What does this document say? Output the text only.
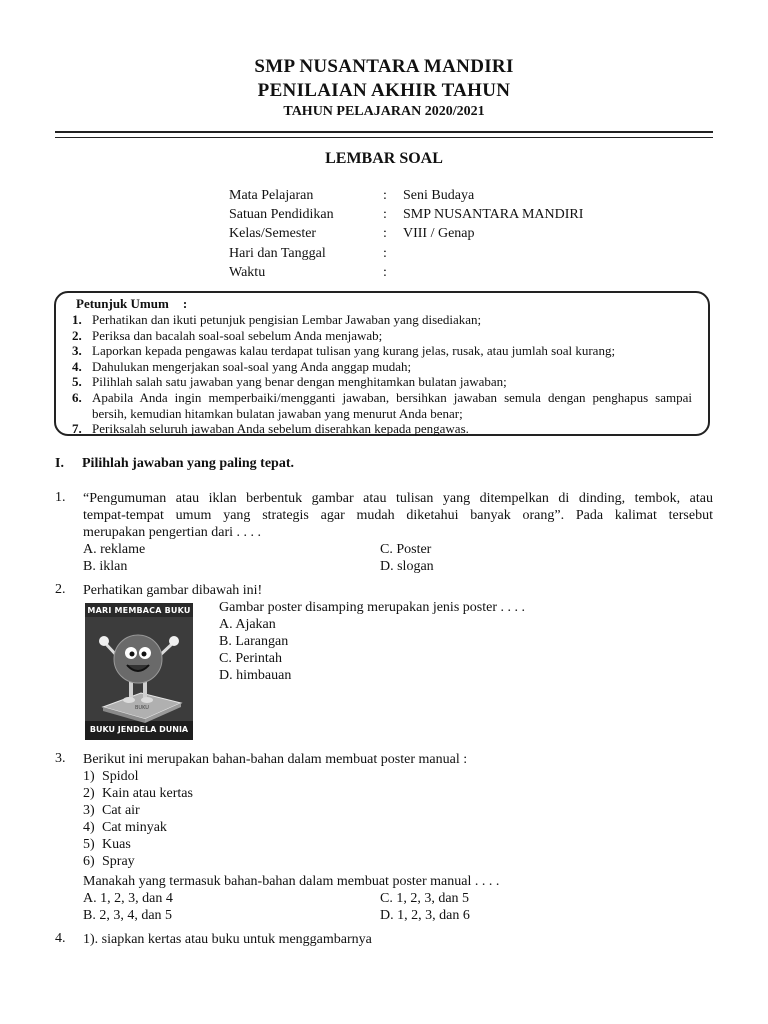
SMP NUSANTARA MANDIRI
PENILAIAN AKHIR TAHUN
TAHUN PELAJARAN 2020/2021
LEMBAR SOAL
Mata Pelajaran	: Seni Budaya
Satuan Pendidikan	: SMP NUSANTARA MANDIRI
Kelas/Semester	: VIII / Genap
Hari dan Tanggal	:
Waktu	:
Petunjuk Umum :
1. Perhatikan dan ikuti petunjuk pengisian Lembar Jawaban yang disediakan;
2. Periksa dan bacalah soal-soal sebelum Anda menjawab;
3. Laporkan kepada pengawas kalau terdapat tulisan yang kurang jelas, rusak, atau jumlah soal kurang;
4. Dahulukan mengerjakan soal-soal yang Anda anggap mudah;
5. Pilihlah salah satu jawaban yang benar dengan menghitamkan bulatan jawaban;
6. Apabila Anda ingin memperbaiki/mengganti jawaban, bersihkan jawaban semula dengan penghapus sampai bersih, kemudian hitamkan bulatan jawaban yang menurut Anda benar;
7. Periksalah seluruh jawaban Anda sebelum diserahkan kepada pengawas.
I. Pilihlah jawaban yang paling tepat.
1. “Pengumuman atau iklan berbentuk gambar atau tulisan yang ditempelkan di dinding, tembok, atau
tempat-tempat umum yang strategis agar mudah diketahui banyak orang”. Pada kalimat tersebut
merupakan pengertian dari . . . .
A. reklame	C. Poster
B. iklan	D. slogan
2. Perhatikan gambar dibawah ini!
Gambar poster disamping merupakan jenis poster . . . .
A. Ajakan
B. Larangan
C. Perintah
D. himbauan
BUKU
MARI MEMBACA BUKU
BUKU JENDELA DUNIA
3. Berikut ini merupakan bahan-bahan dalam membuat poster manual :
1) Spidol
2) Kain atau kertas
3) Cat air
4) Cat minyak
5) Kuas
6) Spray
Manakah yang termasuk bahan-bahan dalam membuat poster manual . . . .
A. 1, 2, 3, dan 4	C. 1, 2, 3, dan 5
B. 2, 3, 4, dan 5	D. 1, 2, 3, dan 6
4. 1). siapkan kertas atau buku untuk menggambarnya
